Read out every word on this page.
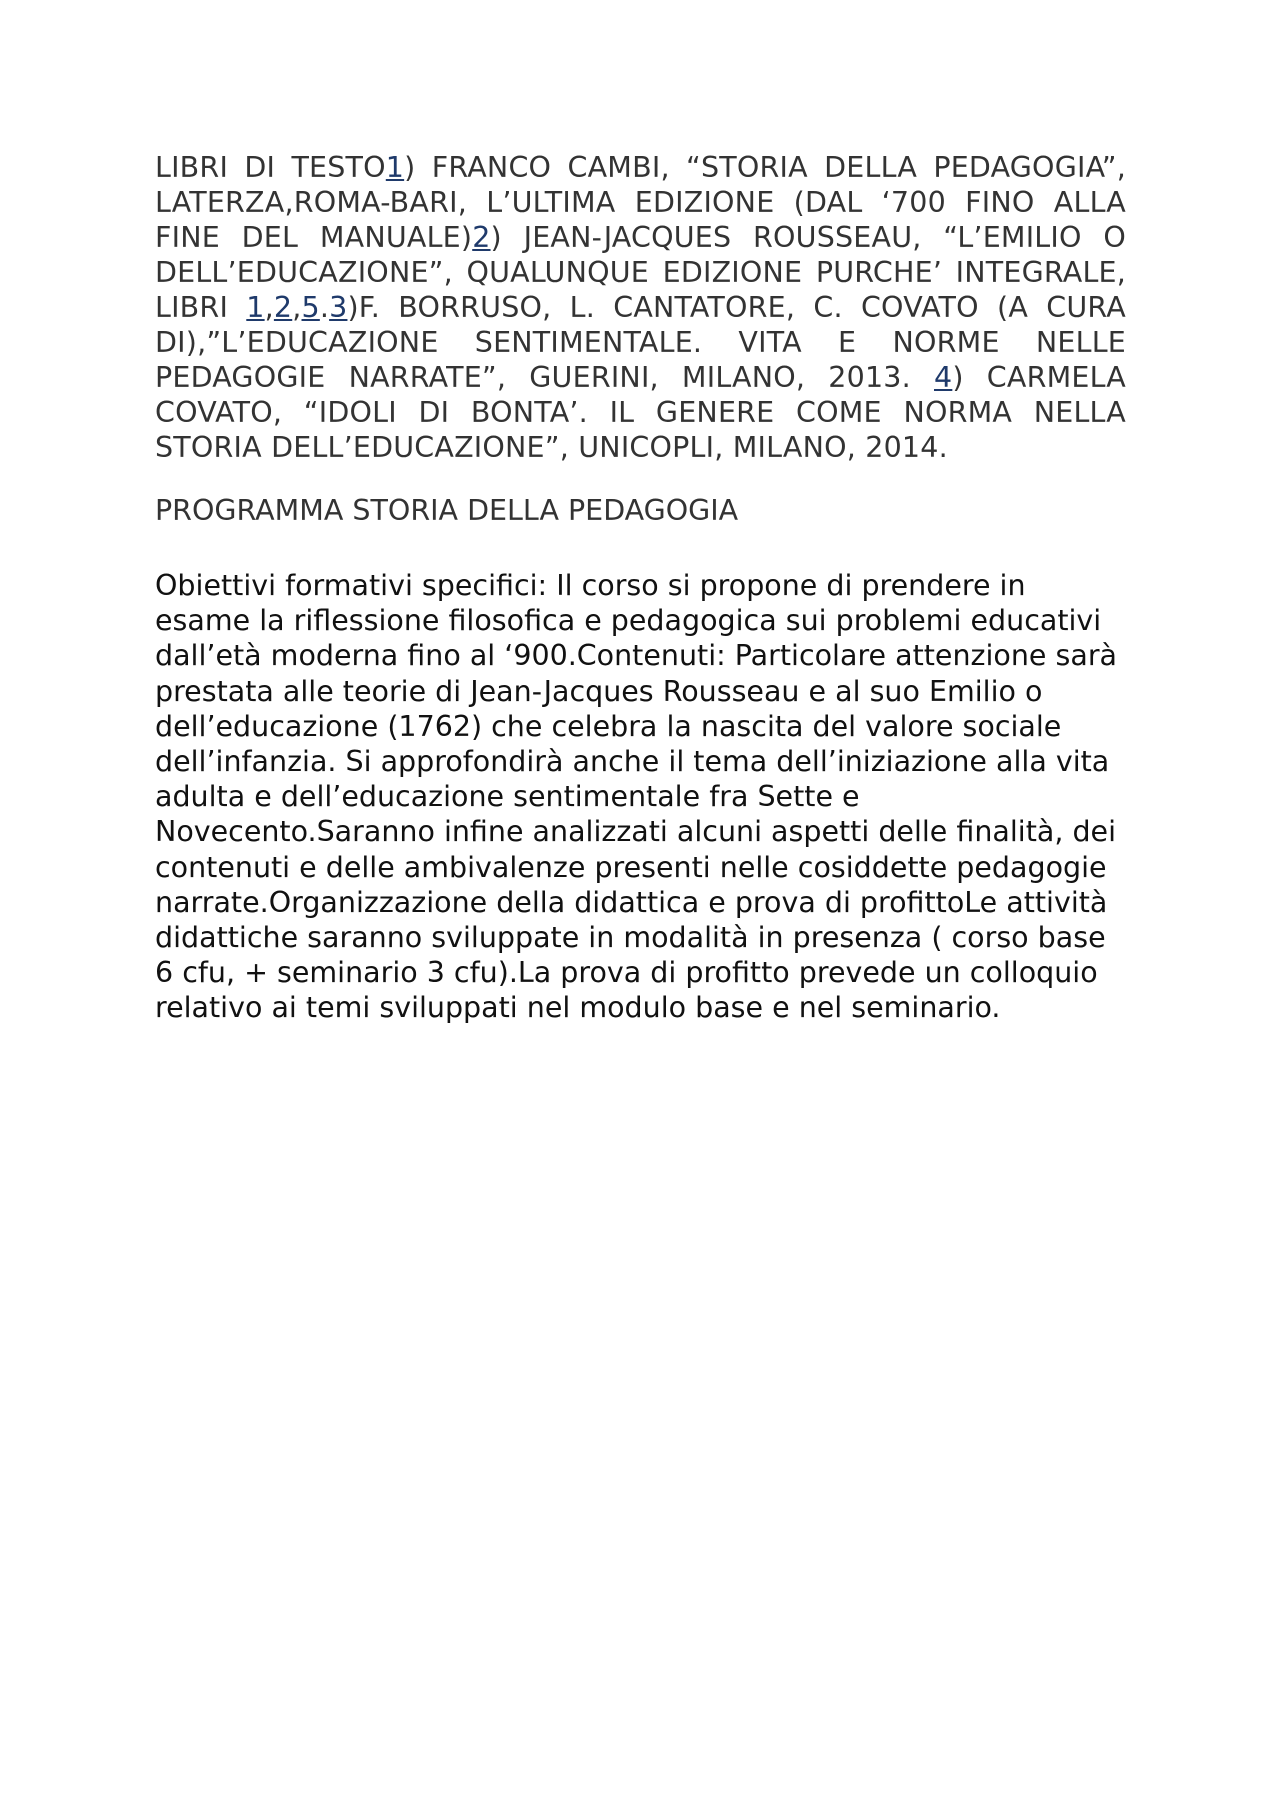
LIBRI DI TESTO1) FRANCO CAMBI, “STORIA DELLA PEDAGOGIA”, LATERZA,ROMA-BARI, L’ULTIMA EDIZIONE (DAL ‘700 FINO ALLA FINE DEL MANUALE)2) JEAN-JACQUES ROUSSEAU, “L’EMILIO O DELL’EDUCAZIONE”, QUALUNQUE EDIZIONE PURCHE’ INTEGRALE, LIBRI 1,2,5.3)F. BORRUSO, L. CANTATORE, C. COVATO (A CURA DI),”L’EDUCAZIONE SENTIMENTALE. VITA E NORME NELLE PEDAGOGIE NARRATE”, GUERINI, MILANO, 2013. 4) CARMELA COVATO, “IDOLI DI BONTA’. IL GENERE COME NORMA NELLA STORIA DELL’EDUCAZIONE”, UNICOPLI, MILANO, 2014.

PROGRAMMA STORIA DELLA PEDAGOGIA

Obiettivi formativi specifici: Il corso si propone di prendere in esame la riflessione filosofica e pedagogica sui problemi educativi dall’età moderna fino al ‘900.Contenuti: Particolare attenzione sarà prestata alle teorie di Jean-Jacques Rousseau e al suo Emilio o dell’educazione (1762) che celebra la nascita del valore sociale dell’infanzia. Si approfondirà anche il tema dell’iniziazione alla vita adulta e dell’educazione sentimentale fra Sette e Novecento.Saranno infine analizzati alcuni aspetti delle finalità, dei contenuti e delle ambivalenze presenti nelle cosiddette pedagogie narrate.Organizzazione della didattica e prova di profittoLe attività didattiche saranno sviluppate in modalità in presenza ( corso base 6 cfu, + seminario 3 cfu).La prova di profitto prevede un colloquio relativo ai temi sviluppati nel modulo base e nel seminario.
